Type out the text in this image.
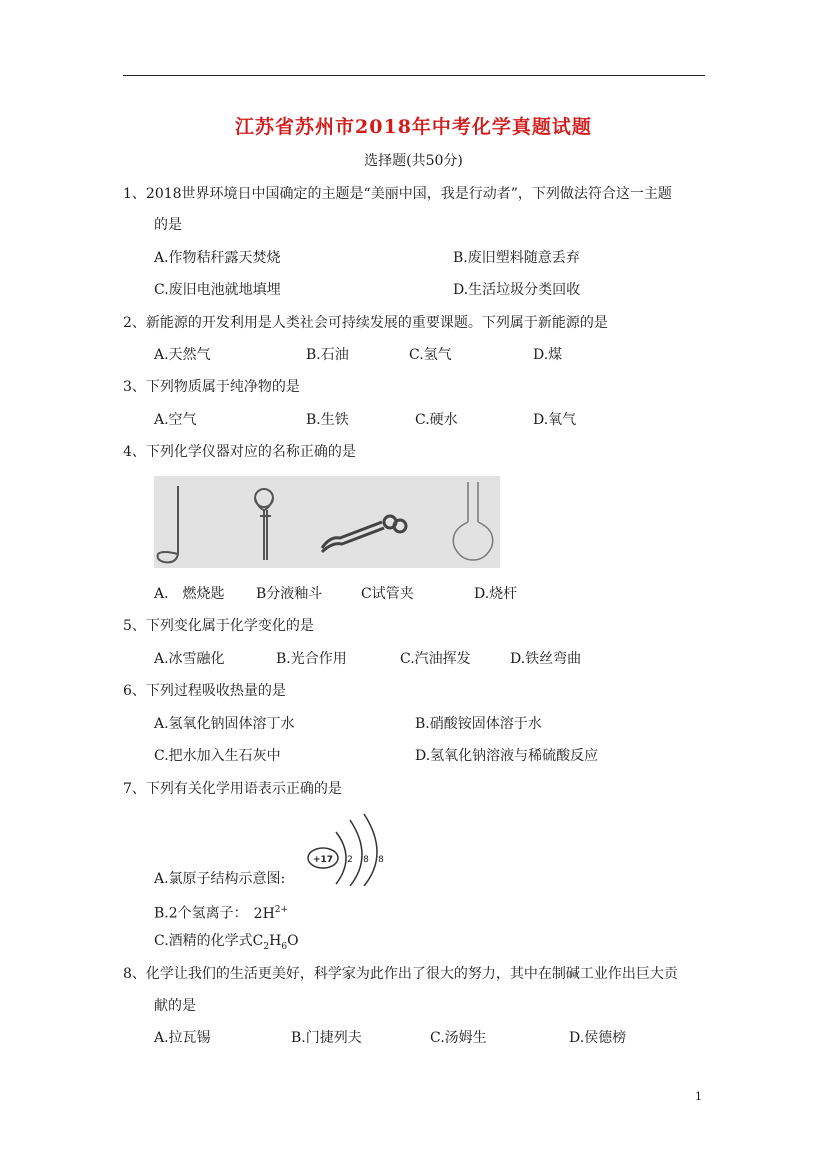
江苏省苏州市2018年中考化学真题试题
选择题(共50分)
1、2018世界环境日中国确定的主题是“美丽中国，我是行动者”，下列做法符合这一主题
的是
A.作物秸秆露天焚烧	B.废旧塑料随意丢弃
C.废旧电池就地填埋	D.生活垃圾分类回收
2、新能源的开发利用是人类社会可持续发展的重要课题。下列属于新能源的是
A.天然气	B.石油	C.氢气	D.煤
3、下列物质属于纯净物的是
A.空气	B.生铁	C.硬水	D.氧气
4、下列化学仪器对应的名称正确的是
A.　燃烧匙 B分液釉斗	C试管夹	D.烧杆
5、下列变化属于化学变化的是
A.冰雪融化	B.光合作用	C.汽油挥发	D.铁丝弯曲
6、下列过程吸收热量的是
A.氢氧化钠固体溶丁水	B.硝酸铵固体溶于水
C.把水加入生石灰中	D.氢氧化钠溶液与稀硫酸反应
7、下列有关化学用语表示正确的是
+17 2 8 8
A.氯原子结构示意图:
B.2个氢离子： $2H^{2+}$
C.酒精的化学式$C_2H_6O$
8、化学让我们的生活更美好，科学家为此作出了很大的努力，其中在制碱工业作出巨大贡
献的是
A.拉瓦锡	B.门捷列夫	C.汤姆生	D.侯德榜
1
